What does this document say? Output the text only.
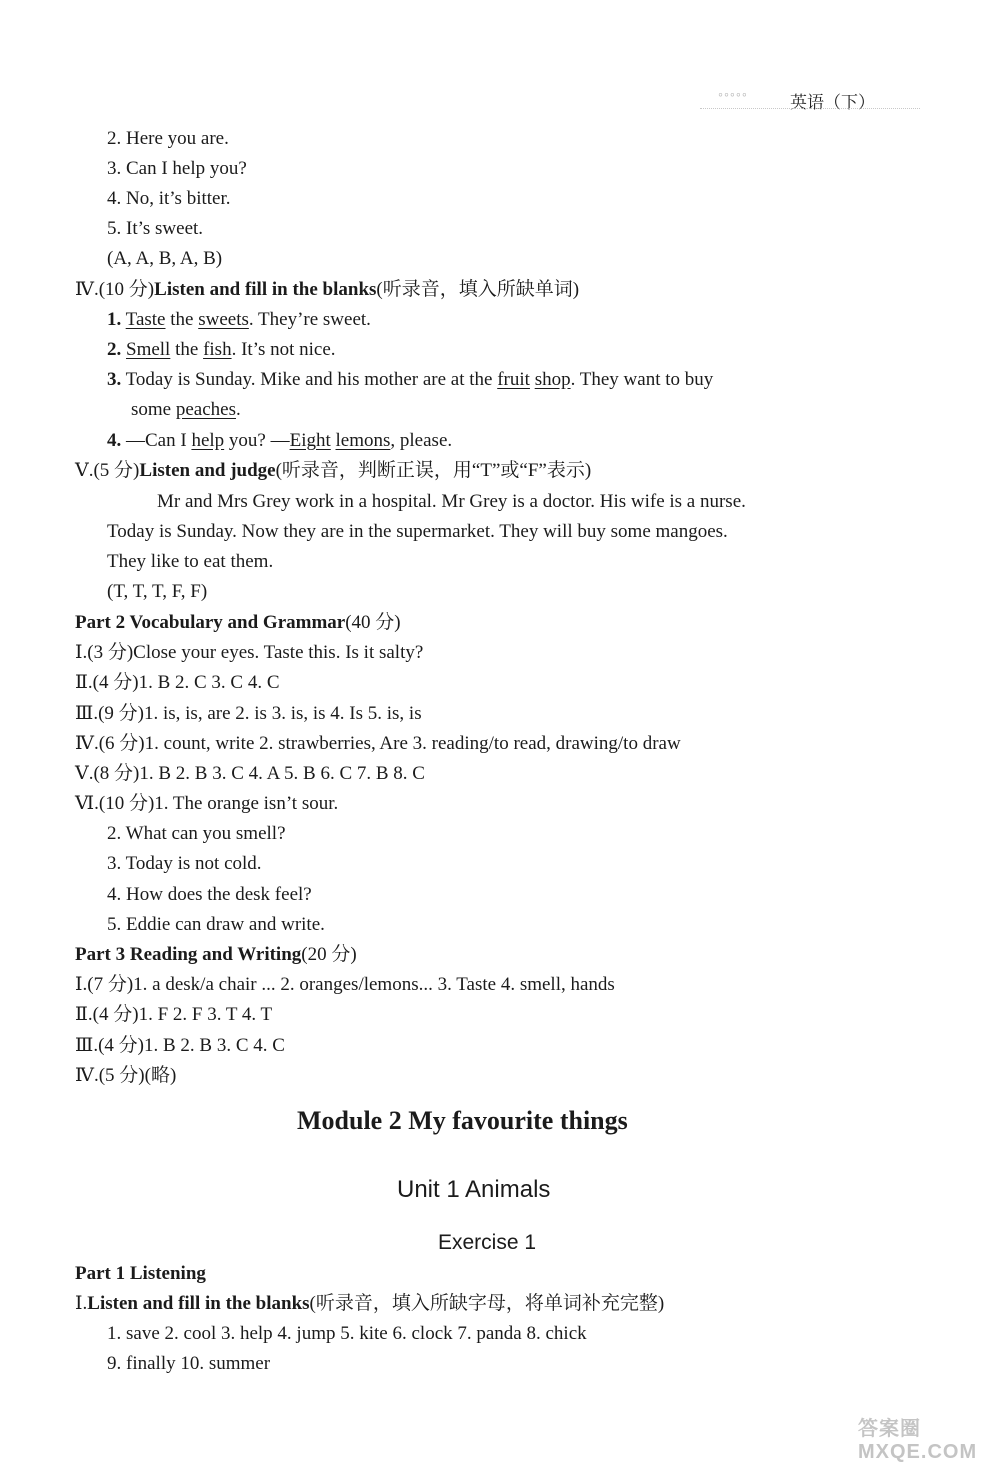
◦◦◦◦◦ 英语（下）
2. Here you are.
3. Can I help you?
4. No, it’s bitter.
5. It’s sweet.
(A, A, B, A, B)
Ⅳ.(10 分)Listen and fill in the blanks(听录音，填入所缺单词)
1. Taste the sweets. They’re sweet.
2. Smell the fish. It’s not nice.
3. Today is Sunday. Mike and his mother are at the fruit shop. They want to buy
some peaches.
4. —Can I help you? —Eight lemons, please.
Ⅴ.(5 分)Listen and judge(听录音，判断正误，用“T”或“F”表示)
Mr and Mrs Grey work in a hospital. Mr Grey is a doctor. His wife is a nurse.
Today is Sunday. Now they are in the supermarket. They will buy some mangoes.
They like to eat them.
(T, T, T, F, F)
Part 2 Vocabulary and Grammar(40 分)
Ⅰ.(3 分)Close your eyes. Taste this. Is it salty?
Ⅱ.(4 分)1. B 2. C 3. C 4. C
Ⅲ.(9 分)1. is, is, are 2. is 3. is, is 4. Is 5. is, is
Ⅳ.(6 分)1. count, write 2. strawberries, Are 3. reading/to read, drawing/to draw
Ⅴ.(8 分)1. B 2. B 3. C 4. A 5. B 6. C 7. B 8. C
Ⅵ.(10 分)1. The orange isn’t sour.
2. What can you smell?
3. Today is not cold.
4. How does the desk feel?
5. Eddie can draw and write.
Part 3 Reading and Writing(20 分)
Ⅰ.(7 分)1. a desk/a chair ... 2. oranges/lemons... 3. Taste 4. smell, hands
Ⅱ.(4 分)1. F 2. F 3. T 4. T
Ⅲ.(4 分)1. B 2. B 3. C 4. C
Ⅳ.(5 分)(略)
Module 2 My favourite things
Unit 1 Animals
Exercise 1
Part 1 Listening
Ⅰ.Listen and fill in the blanks(听录音，填入所缺字母，将单词补充完整)
1. save 2. cool 3. help 4. jump 5. kite 6. clock 7. panda 8. chick
9. finally 10. summer
答案圈 MXQE.COM
